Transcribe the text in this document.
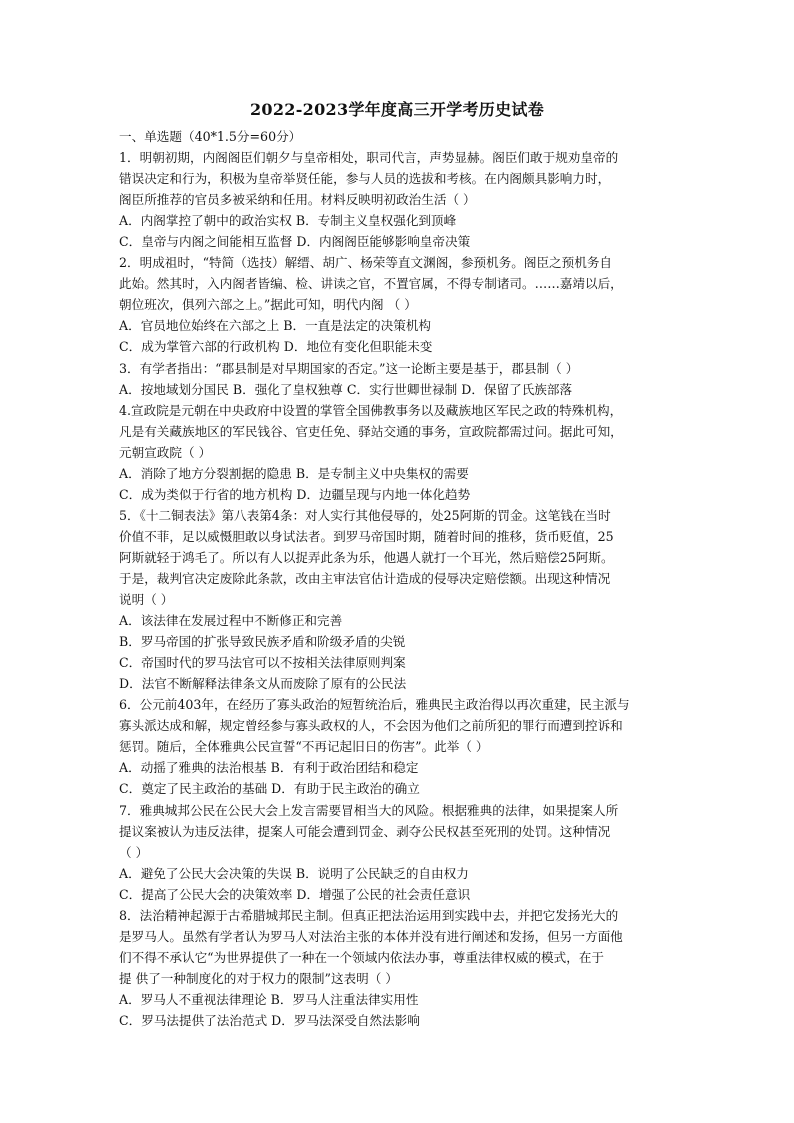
2022-2023学年度高三开学考历史试卷
一、单选题（40*1.5分=60分）
1．明朝初期，内阁阁臣们朝夕与皇帝相处，职司代言，声势显赫。阁臣们敢于规劝皇帝的
错误决定和行为，积极为皇帝举贤任能，参与人员的选拔和考核。在内阁颇具影响力时，
阁臣所推荐的官员多被采纳和任用。材料反映明初政治生活（ ）
A．内阁掌控了朝中的政治实权 B．专制主义皇权强化到顶峰
C．皇帝与内阁之间能相互监督 D．内阁阁臣能够影响皇帝决策
2．明成祖时，“特简（选技）解缙、胡广、杨荣等直文渊阁，参预机务。阁臣之预机务自
此始。然其时，入内阁者皆编、检、讲读之官，不置官属，不得专制诸司。……嘉靖以后，
朝位班次，俱列六部之上。”据此可知，明代内阁 （ ）
A．官员地位始终在六部之上 B．一直是法定的决策机构
C．成为掌管六部的行政机构 D．地位有变化但职能未变
3．有学者指出：“郡县制是对早期国家的否定。”这一论断主要是基于，郡县制（ ）
A．按地域划分国民 B．强化了皇权独尊 C．实行世卿世禄制 D．保留了氏族部落
4.宣政院是元朝在中央政府中设置的掌管全国佛教事务以及藏族地区军民之政的特殊机构，
凡是有关藏族地区的军民钱谷、官吏任免、驿站交通的事务，宣政院都需过问。据此可知，
元朝宣政院（ ）
A．消除了地方分裂割据的隐患 B．是专制主义中央集权的需要
C．成为类似于行省的地方机构 D．边疆呈现与内地一体化趋势
5．《十二铜表法》第八表第4条：对人实行其他侵辱的，处25阿斯的罚金。这笔钱在当时
价值不菲，足以威慑胆敢以身试法者。到罗马帝国时期，随着时间的推移，货币贬值，25
阿斯就轻于鸿毛了。所以有人以捉弄此条为乐，他遇人就打一个耳光，然后赔偿25阿斯。
于是，裁判官决定废除此条款，改由主审法官估计造成的侵辱决定赔偿额。出现这种情况
说明（ ）
A．该法律在发展过程中不断修正和完善
B．罗马帝国的扩张导致民族矛盾和阶级矛盾的尖锐
C．帝国时代的罗马法官可以不按相关法律原则判案
D．法官不断解释法律条文从而废除了原有的公民法
6．公元前403年，在经历了寡头政治的短暂统治后，雅典民主政治得以再次重建，民主派与
寡头派达成和解，规定曾经参与寡头政权的人，不会因为他们之前所犯的罪行而遭到控诉和
惩罚。随后，全体雅典公民宣誓“不再记起旧日的伤害”。此举（ ）
A．动摇了雅典的法治根基 B．有利于政治团结和稳定
C．奠定了民主政治的基础 D．有助于民主政治的确立
7．雅典城邦公民在公民大会上发言需要冒相当大的风险。根据雅典的法律，如果提案人所
提议案被认为违反法律，提案人可能会遭到罚金、剥夺公民权甚至死刑的处罚。这种情况
（ ）
A．避免了公民大会决策的失误 B．说明了公民缺乏的自由权力
C．提高了公民大会的决策效率 D．增强了公民的社会责任意识
8．法治精神起源于古希腊城邦民主制。但真正把法治运用到实践中去，并把它发扬光大的
是罗马人。虽然有学者认为罗马人对法治主张的本体并没有进行阐述和发扬，但另一方面他
们不得不承认它“为世界提供了一种在一个领域内依法办事，尊重法律权威的模式，在于
提 供了一种制度化的对于权力的限制”这表明（ ）
A．罗马人不重视法律理论 B．罗马人注重法律实用性
C．罗马法提供了法治范式 D．罗马法深受自然法影响
